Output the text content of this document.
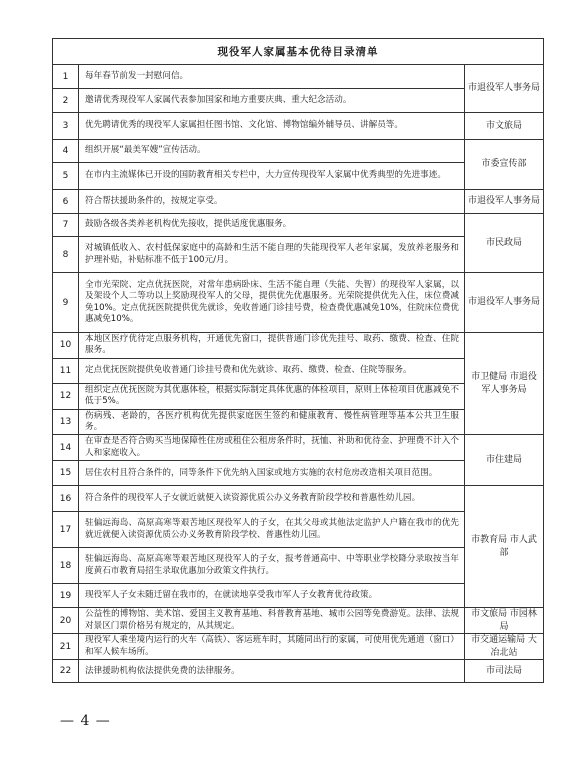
现役军人家属基本优待目录清单		
1	每年春节前发一封慰问信。	市退役军人事务局
2	邀请优秀现役军人家属代表参加国家和地方重要庆典、重大纪念活动。	
3	优先聘请优秀的现役军人家属担任图书馆、文化馆、博物馆编外辅导员、讲解员等。	市文旅局
4	组织开展“最美军嫂”宣传活动。	市委宣传部
5	在市内主流媒体已开设的国防教育相关专栏中，大力宣传现役军人家属中优秀典型的先进事迹。	
6	符合帮扶援助条件的，按规定享受。	市退役军人事务局
7	鼓励各级各类养老机构优先接收，提供适度优惠服务。	市民政局
8	对城镇低收入、农村低保家庭中的高龄和生活不能自理的失能现役军人老年家属，发放养老服务和护理补贴，补贴标准不低于100元/月。	
9	全市光荣院、定点优抚医院，对常年患病卧床、生活不能自理（失能、失智）的现役军人家属，以及架设个人二等功以上奖励现役军人的父母，提供优先优惠服务。光荣院提供优先入住，床位费减免10%。定点优抚医院提供优先就诊，免收普通门诊挂号费，检查费优惠减免10%，住院床位费优惠减免10%。	市退役军人事务局
10	本地区医疗优待定点服务机构，开通优先窗口，提供普通门诊优先挂号、取药、缴费、检查、住院服务。	市卫健局 市退役军人事务局
11	定点优抚医院提供免收普通门诊挂号费和优先就诊、取药、缴费、检查、住院等服务。	
12	组织定点优抚医院为其优惠体检，根据实际制定具体优惠的体检项目，原则上体检项目优惠减免不低于5%。	
13	伤病残、老龄的，各医疗机构优先提供家庭医生签约和健康教育、慢性病管理等基本公共卫生服务。	
14	在审查是否符合购买当地保障性住房或租住公租房条件时，抚恤、补助和优待金、护理费不计入个人和家庭收入。	市住建局
15	居住农村且符合条件的，同等条件下优先纳入国家或地方实施的农村危房改造相关项目范围。	
16	符合条件的现役军人子女就近就便入读资源优质公办义务教育阶段学校和普惠性幼儿园。	市教育局 市人武部
17	驻偏远海岛、高原高寒等艰苦地区现役军人的子女，在其父母或其他法定监护人户籍在我市的优先就近就便入读资源优质公办义务教育阶段学校、普惠性幼儿园。	
18	驻偏远海岛、高原高寒等艰苦地区现役军人的子女，报考普通高中、中等职业学校降分录取按当年度黄石市教育局招生录取优惠加分政策文件执行。	
19	现役军人子女未随迁留在我市的，在就读地享受我市军人子女教育优待政策。	
20	公益性的博物馆、美术馆、爱国主义教育基地、科普教育基地、城市公园等免费游览。法律、法规对景区门票价格另有规定的，从其规定。	市文旅局 市园林局
21	现役军人乘坐境内运行的火车（高铁）、客运班车时，其随同出行的家属，可使用优先通道（窗口）和军人候车场所。	市交通运输局 大冶北站
22	法律援助机构依法提供免费的法律服务。	市司法局
— 4 —
